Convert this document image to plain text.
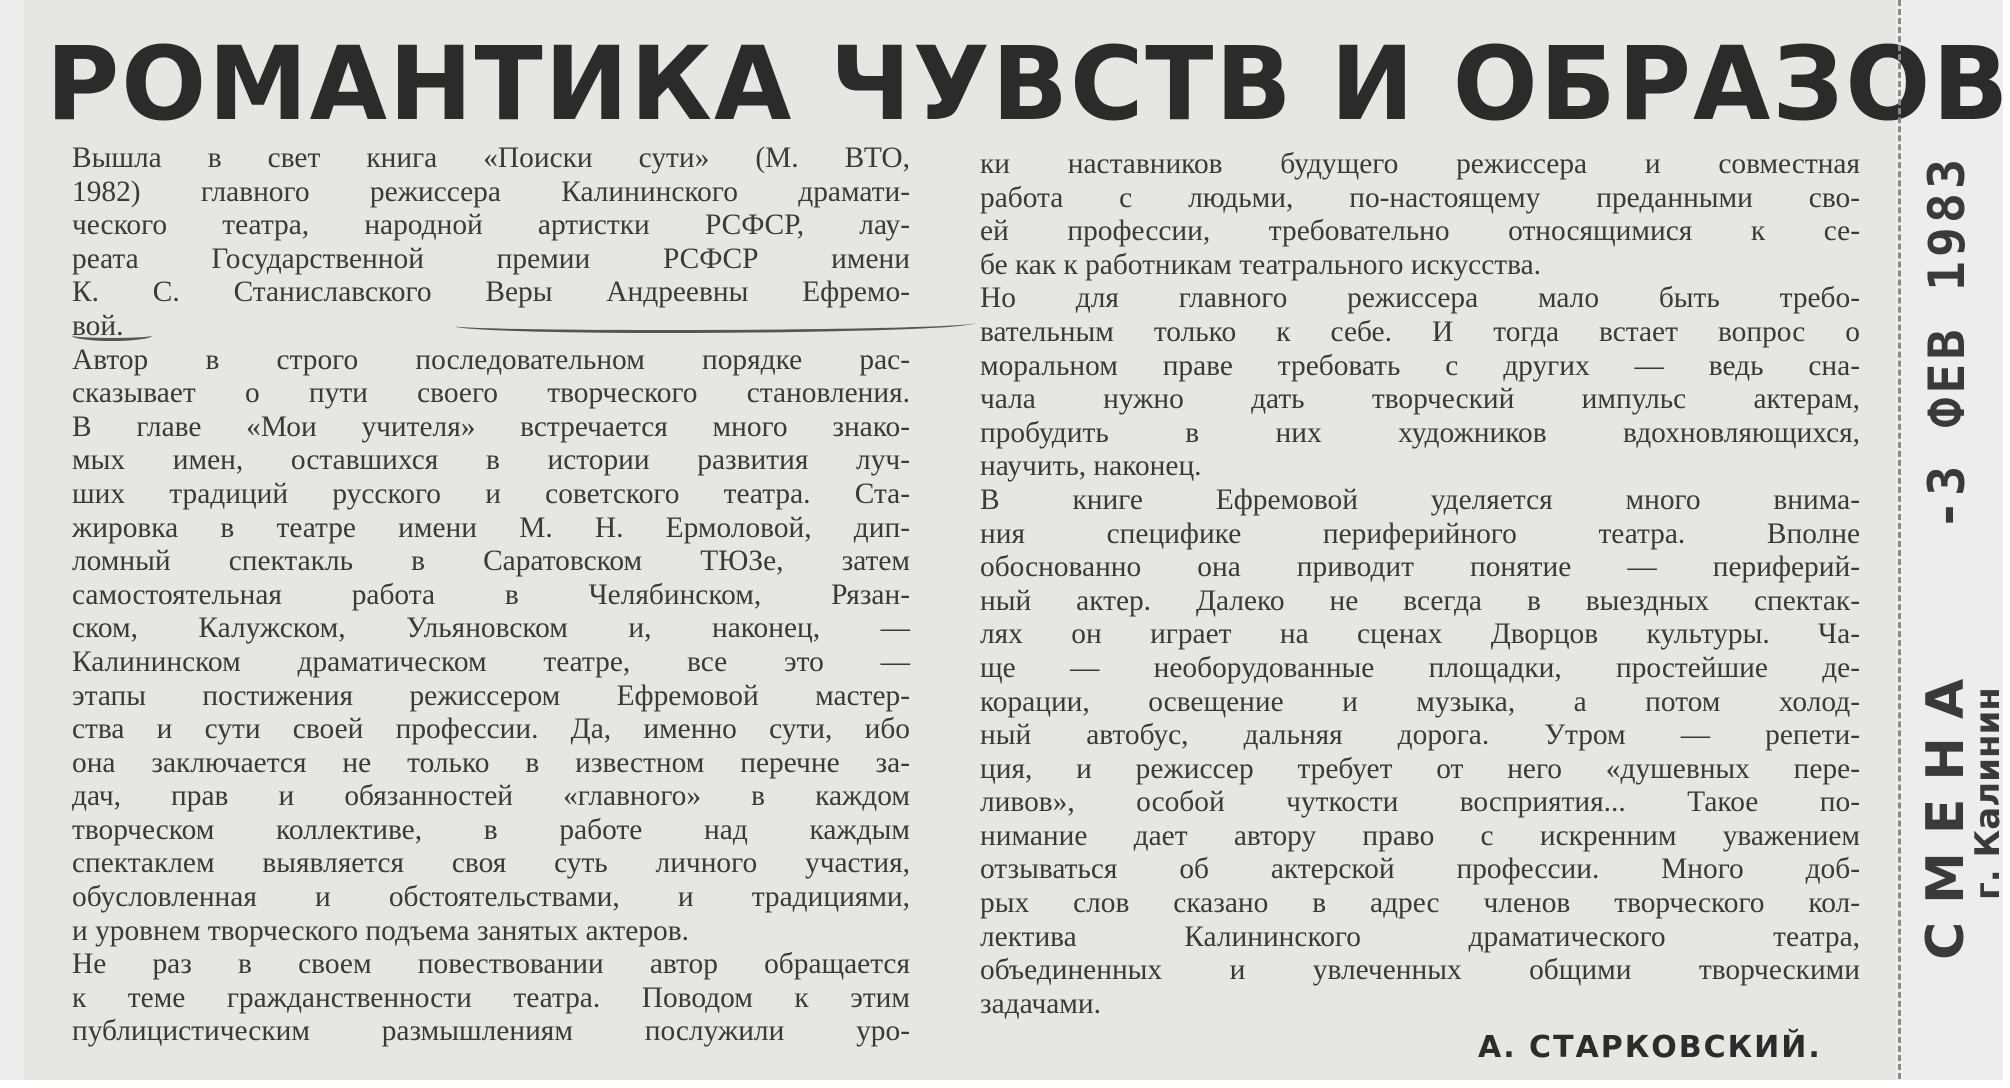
РОМАНТИКА ЧУВСТВ И ОБРАЗОВ
Вышла в свет книга «Поиски сути» (М. ВТО,
1982) главного режиссера Калининского драмати-
ческого театра, народной артистки РСФСР, лау-
реата Государственной премии РСФСР имени
К. С. Станиславского Веры Андреевны Ефремо-
вой.
Автор в строго последовательном порядке рас-
сказывает о пути своего творческого становления.
В главе «Мои учителя» встречается много знако-
мых имен, оставшихся в истории развития луч-
ших традиций русского и советского театра. Ста-
жировка в театре имени М. Н. Ермоловой, дип-
ломный спектакль в Саратовском ТЮЗе, затем
самостоятельная работа в Челябинском, Рязан-
ском, Калужском, Ульяновском и, наконец, —
Калининском драматическом театре, все это —
этапы постижения режиссером Ефремовой мастер-
ства и сути своей профессии. Да, именно сути, ибо
она заключается не только в известном перечне за-
дач, прав и обязанностей «главного» в каждом
творческом коллективе, в работе над каждым
спектаклем выявляется своя суть личного участия,
обусловленная и обстоятельствами, и традициями,
и уровнем творческого подъема занятых актеров.
Не раз в своем повествовании автор обращается
к теме гражданственности театра. Поводом к этим
публицистическим размышлениям послужили уро-
ки наставников будущего режиссера и совместная
работа с людьми, по-настоящему преданными сво-
ей профессии, требовательно относящимися к се-
бе как к работникам театрального искусства.
Но для главного режиссера мало быть требо-
вательным только к себе. И тогда встает вопрос о
моральном праве требовать с других — ведь сна-
чала нужно дать творческий импульс актерам,
пробудить в них художников вдохновляющихся,
научить, наконец.
В книге Ефремовой уделяется много внима-
ния специфике периферийного театра. Вполне
обоснованно она приводит понятие — периферий-
ный актер. Далеко не всегда в выездных спектак-
лях он играет на сценах Дворцов культуры. Ча-
ще — необорудованные площадки, простейшие де-
корации, освещение и музыка, а потом холод-
ный автобус, дальняя дорога. Утром — репети-
ция, и режиссер требует от него «душевных пере-
ливов», особой чуткости восприятия... Такое по-
нимание дает автору право с искренним уважением
отзываться об актерской профессии. Много доб-
рых слов сказано в адрес членов творческого кол-
лектива Калининского драматического театра,
объединенных и увлеченных общими творческими
задачами.
А. СТАРКОВСКИЙ.
СМЕНА
г. Калинин
-3 ФЕВ 1983
